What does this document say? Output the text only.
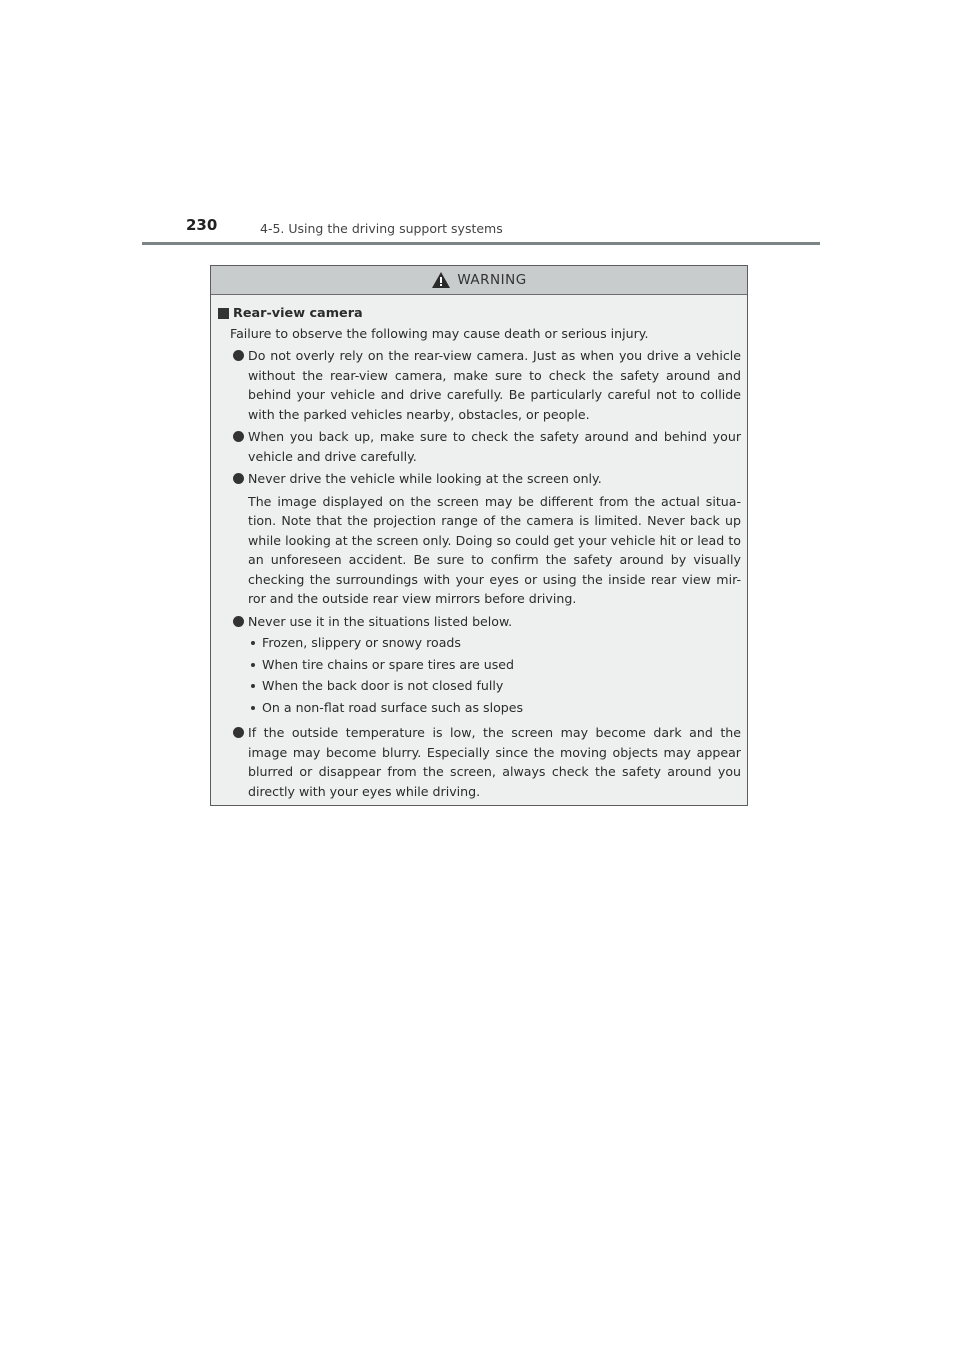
230	4-5. Using the driving support systems
WARNING
Rear-view camera

Failure to observe the following may cause death or serious injury.

Do not overly rely on the rear-view camera. Just as when you drive a vehicle without the rear-view camera, make sure to check the safety around and behind your vehicle and drive carefully. Be particularly careful not to collide with the parked vehicles nearby, obstacles, or people.

When you back up, make sure to check the safety around and behind your vehicle and drive carefully.

Never drive the vehicle while looking at the screen only.

The image displayed on the screen may be different from the actual situa-tion. Note that the projection range of the camera is limited. Never back up while looking at the screen only. Doing so could get your vehicle hit or lead to an unforeseen accident. Be sure to confirm the safety around by visually checking the surroundings with your eyes or using the inside rear view mir-ror and the outside rear view mirrors before driving.

Never use it in the situations listed below.

Frozen, slippery or snowy roads
When tire chains or spare tires are used
When the back door is not closed fully
On a non-flat road surface such as slopes

If the outside temperature is low, the screen may become dark and the image may become blurry. Especially since the moving objects may appear blurred or disappear from the screen, always check the safety around you directly with your eyes while driving.
